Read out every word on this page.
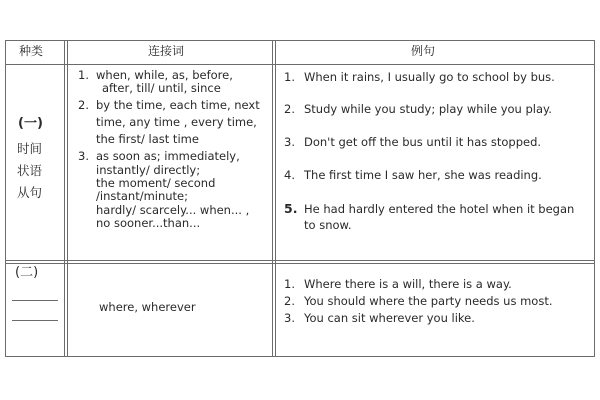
种类	连接词	例句
(一)
时间
状语
从句
1. when, while, as, before,
after, till/ until, since
2. by the time, each time, next
time, any time , every time,
the first/ last time
3. as soon as; immediately,
instantly/ directly;
the moment/ second
/instant/minute;
hardly/ scarcely... when... ,
no sooner...than...
1. When it rains, I usually go to school by bus.
2. Study while you study; play while you play.
3. Don't get off the bus until it has stopped.
4. The first time I saw her, she was reading.
5. He had hardly entered the hotel when it began
to snow.
(二)
where, wherever
1. Where there is a will, there is a way.
2. You should where the party needs us most.
3. You can sit wherever you like.
